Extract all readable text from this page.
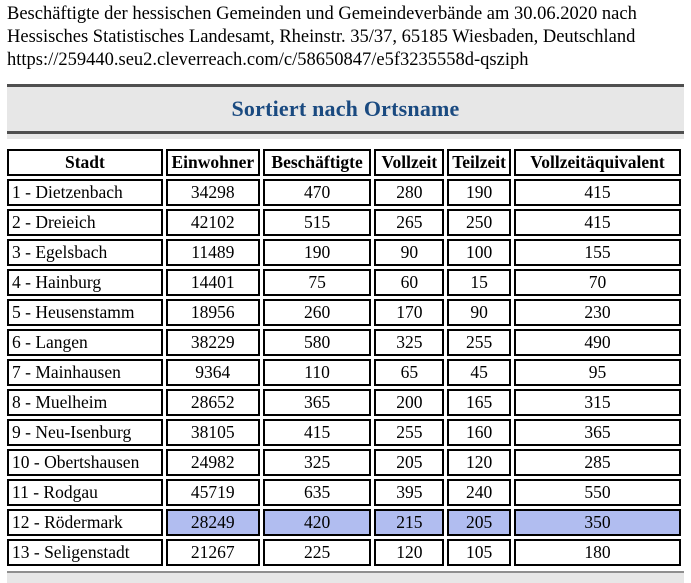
Beschäftigte der hessischen Gemeinden und Gemeindeverbände am 30.06.2020 nach
Hessisches Statistisches Landesamt, Rheinstr. 35/37, 65185 Wiesbaden, Deutschland
https://259440.seu2.cleverreach.com/c/58650847/e5f3235558d-qsziph
Sortiert nach Ortsname
Stadt	Einwohner	Beschäftigte	Vollzeit	Teilzeit	Vollzeitäquivalent
1 - Dietzenbach	34298	470	280	190	415
2 - Dreieich	42102	515	265	250	415
3 - Egelsbach	11489	190	90	100	155
4 - Hainburg	14401	75	60	15	70
5 - Heusenstamm	18956	260	170	90	230
6 - Langen	38229	580	325	255	490
7 - Mainhausen	9364	110	65	45	95
8 - Muelheim	28652	365	200	165	315
9 - Neu-Isenburg	38105	415	255	160	365
10 - Obertshausen	24982	325	205	120	285
11 - Rodgau	45719	635	395	240	550
12 - Rödermark	28249	420	215	205	350
13 - Seligenstadt	21267	225	120	105	180
